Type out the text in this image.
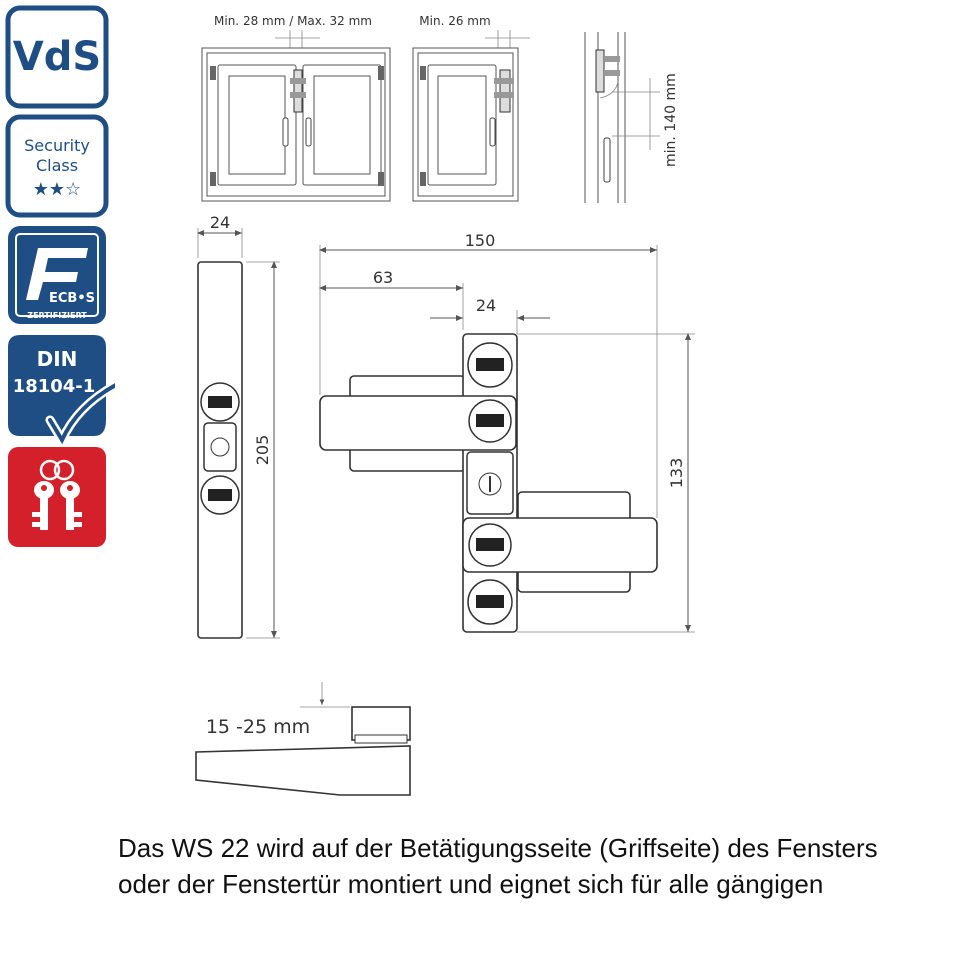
VdS
Security
Class
★★☆
ECB•S
ZERTIFIZIERT
DIN
18104-1
Min. 28 mm / Max. 32 mm	Min. 26 mm
min. 140 mm
24
205
150
63
24
133
15 -25 mm
Das WS 22 wird auf der Betätigungsseite (Griffseite) des Fensters oder der Fenstertür montiert und eignet sich für alle gängigen
